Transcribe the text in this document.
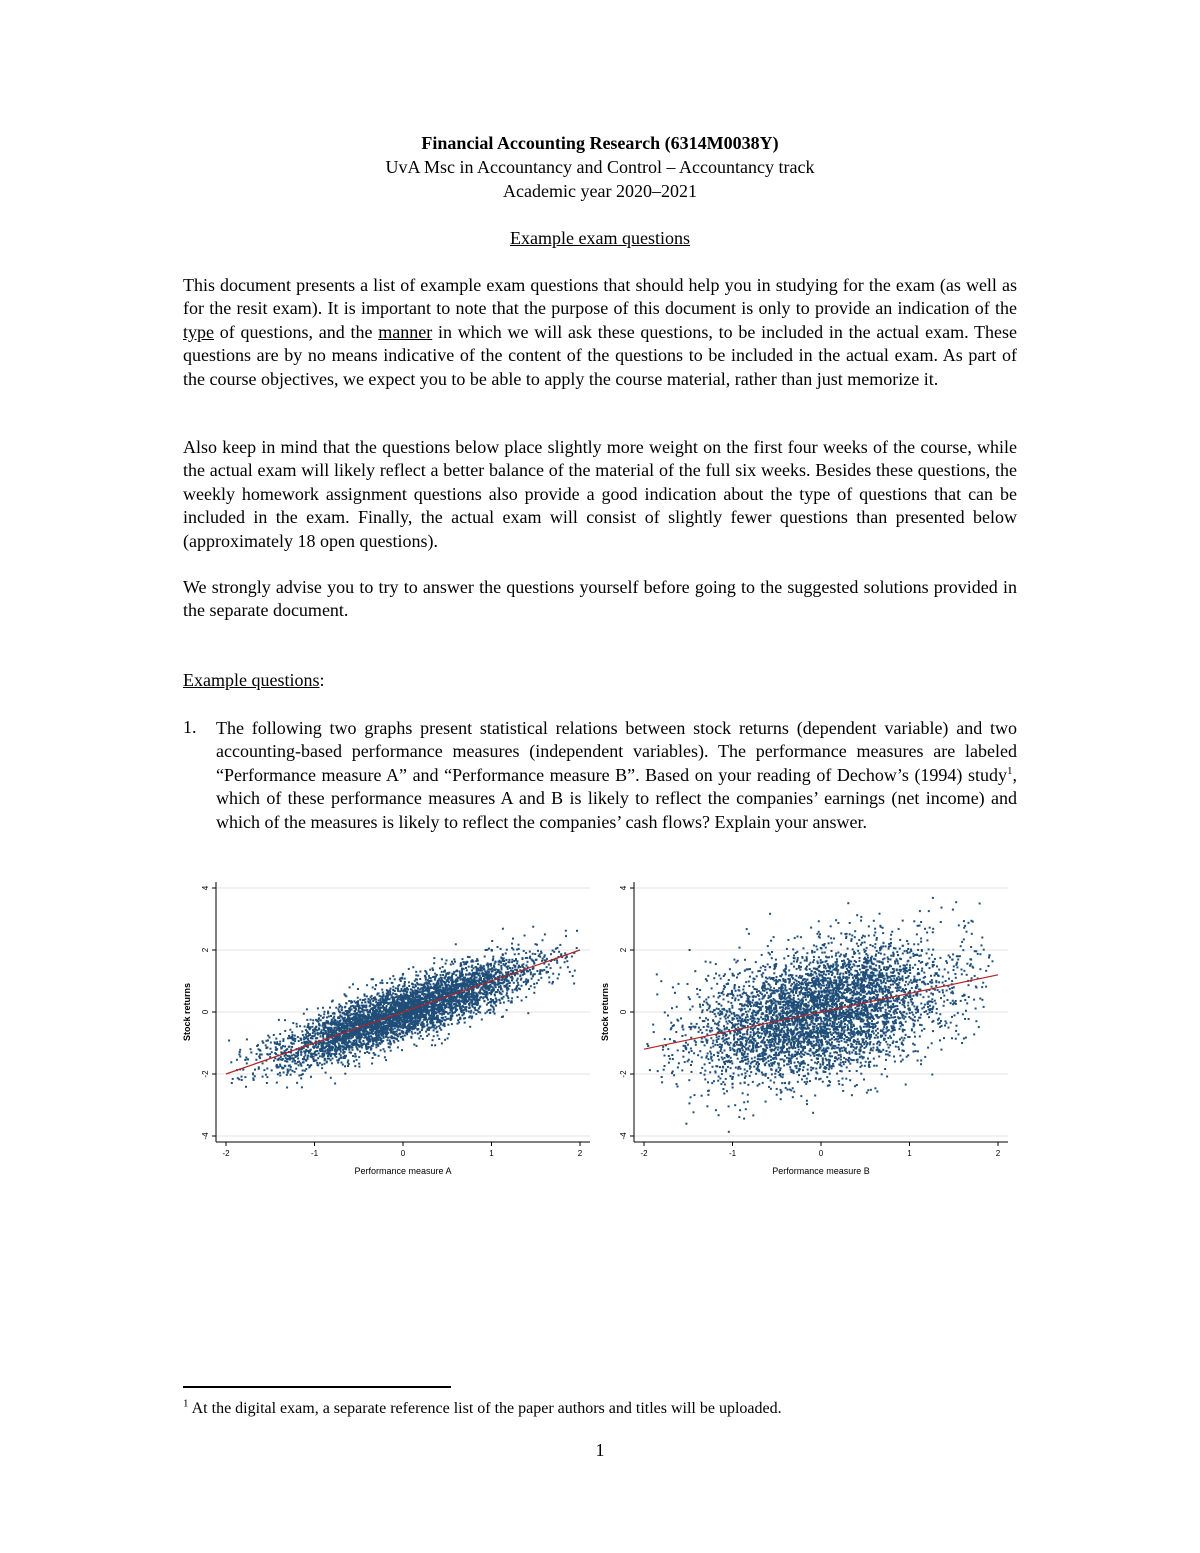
Financial Accounting Research (6314M0038Y)
UvA Msc in Accountancy and Control – Accountancy track
Academic year 2020–2021
Example exam questions

This document presents a list of example exam questions that should help you in studying for the exam (as well as for the resit exam). It is important to note that the purpose of this document is only to provide an indication of the type of questions, and the manner in which we will ask these questions, to be included in the actual exam. These questions are by no means indicative of the content of the questions to be included in the actual exam. As part of the course objectives, we expect you to be able to apply the course material, rather than just memorize it.

Also keep in mind that the questions below place slightly more weight on the first four weeks of the course, while the actual exam will likely reflect a better balance of the material of the full six weeks. Besides these questions, the weekly homework assignment questions also provide a good indication about the type of questions that can be included in the exam. Finally, the actual exam will consist of slightly fewer questions than presented below (approximately 18 open questions).

We strongly advise you to try to answer the questions yourself before going to the suggested solutions provided in the separate document.

Example questions:
1. The following two graphs present statistical relations between stock returns (dependent variable) and two accounting-based performance measures (independent variables). The performance measures are labeled “Performance measure A” and “Performance measure B”. Based on your reading of Dechow’s (1994) study$^1$, which of these performance measures A and B is likely to reflect the companies’ earnings (net income) and which of the measures is likely to reflect the companies’ cash flows? Explain your answer.

-4
-2
0
2
4
-2	-1	0	1	2
Performance measure A
Stock returns
-4
-2
0
2
4
-2	-1	0	1	2
Performance measure B
Stock returns
$^1$ At the digital exam, a separate reference list of the paper authors and titles will be uploaded.
1
